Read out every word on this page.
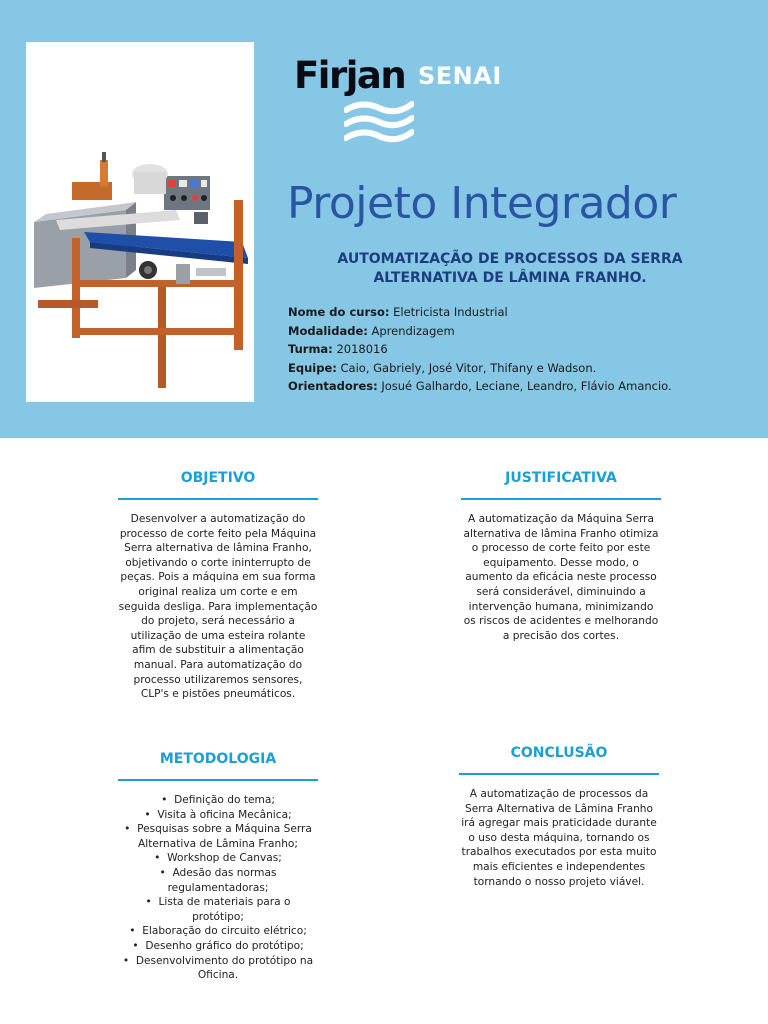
Firjan SENAI
Projeto Integrador
AUTOMATIZAÇÃO DE PROCESSOS DA SERRA ALTERNATIVA DE LÂMINA FRANHO.
Nome do curso: Eletricista Industrial
Modalidade: Aprendizagem
Turma: 2018016
Equipe: Caio, Gabriely, José Vitor, Thifany e Wadson.
Orientadores: Josué Galhardo, Leciane, Leandro, Flávio Amancio.
OBJETIVO
Desenvolver a automatização do processo de corte feito pela Máquina Serra alternativa de lâmina Franho, objetivando o corte ininterrupto de peças. Pois a máquina em sua forma original realiza um corte e em seguida desliga. Para implementação do projeto, será necessário a utilização de uma esteira rolante afim de substituir a alimentação manual. Para automatização do processo utilizaremos sensores, CLP's e pistões pneumáticos.
JUSTIFICATIVA
A automatização da Máquina Serra alternativa de lâmina Franho otimiza o processo de corte feito por este equipamento. Desse modo, o aumento da eficácia neste processo será considerável, diminuindo a intervenção humana, minimizando os riscos de acidentes e melhorando a precisão dos cortes.
METODOLOGIA
•  Definição do tema;
•  Visita à oficina Mecânica;
•  Pesquisas sobre a Máquina Serra Alternativa de Lâmina Franho;
•  Workshop de Canvas;
•  Adesão das normas regulamentadoras;
•  Lista de materiais para o protótipo;
•  Elaboração do circuito elétrico;
•  Desenho gráfico do protótipo;
•  Desenvolvimento do protótipo na Oficina.
CONCLUSÃO
A automatização de processos da Serra Alternativa de Lâmina Franho irá agregar mais praticidade durante o uso desta máquina, tornando os trabalhos executados por esta muito mais eficientes e independentes tornando o nosso projeto viável.
